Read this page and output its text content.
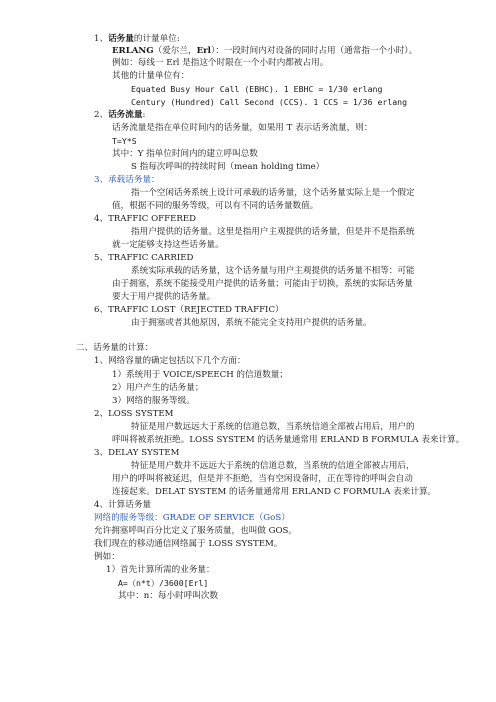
1、话务量的计量单位:
ERLANG（爱尔兰，Erl）：一段时间内对设备的同时占用（通常指一个小时）。
例如：每线一 Erl 是指这个时限在一个小时内都被占用。
其他的计量单位有：
Equated Busy Hour Call (EBHC). 1 EBHC = 1/30 erlang
Century (Hundred) Call Second (CCS). 1 CCS = 1/36 erlang
2、话务流量:
话务流量是指在单位时间内的话务量，如果用 T 表示话务流量，则：
T=Y*S
其中：Y 指单位时间内的建立呼叫总数
S 指每次呼叫的持续时间（mean holding time）
3、承载话务量：
指一个空闲话务系统上设计可承载的话务量，这个话务量实际上是一个假定
值，根据不同的服务等级，可以有不同的话务量数值。
4、TRAFFIC OFFERED
指用户提供的话务量。这里是指用户主观提供的话务量，但是并不是指系统
就一定能够支持这些话务量。
5、TRAFFIC CARRIED
系统实际承载的话务量，这个话务量与用户主观提供的话务量不相等：可能
由于拥塞，系统不能接受用户提供的话务量；可能由于切换，系统的实际话务量
要大于用户提供的话务量。
6、TRAFFIC LOST（REJECTED TRAFFIC）
由于拥塞或者其他原因，系统不能完全支持用户提供的话务量。
二、话务量的计算：
1、网络容量的确定包括以下几个方面：
1）系统用于 VOICE/SPEECH 的信道数量；
2）用户产生的话务量；
3）网络的服务等级。
2、LOSS SYSTEM
特征是用户数远远大于系统的信道总数，当系统信道全部被占用后，用户的
呼叫将被系统拒绝。LOSS SYSTEM 的话务量通常用 ERLAND B FORMULA 表来计算。
3、DELAY SYSTEM
特征是用户数并不远远大于系统的信道总数，当系统的信道全部被占用后，
用户的呼叫将被延迟，但是并不拒绝，当有空闲设备时，正在等待的呼叫会自动
连接起来。DELAT SYSTEM 的话务量通常用 ERLAND C FORMULA 表来计算。
4、计算话务量
网络的服务等级：GRADE OF SERVICE（GoS）
允许拥塞呼叫百分比定义了服务质量，也叫做 GOS。
我们现在的移动通信网络属于 LOSS SYSTEM。
例如：
1）首先计算所需的业务量：
A=（n*t）/3600[Erl]
其中：n：每小时呼叫次数
